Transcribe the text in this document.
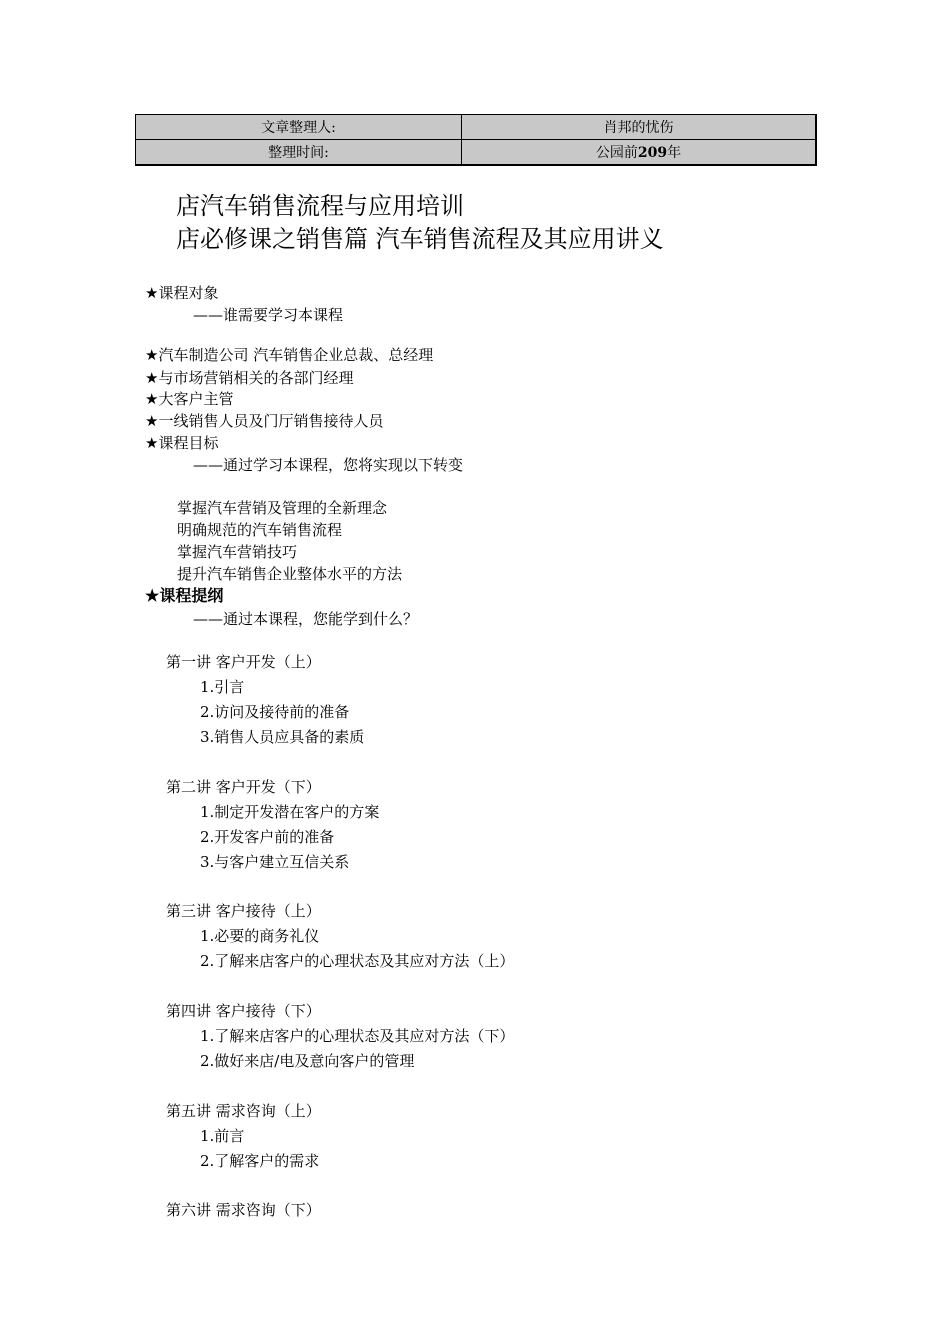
文章整理人:	肖邦的忧伤
整理时间:	公园前209年
店汽车销售流程与应用培训
店必修课之销售篇 汽车销售流程及其应用讲义
★课程对象
——谁需要学习本课程
★汽车制造公司 汽车销售企业总裁、总经理
★与市场营销相关的各部门经理
★大客户主管
★一线销售人员及门厅销售接待人员
★课程目标
——通过学习本课程，您将实现以下转变
掌握汽车营销及管理的全新理念
明确规范的汽车销售流程
掌握汽车营销技巧
提升汽车销售企业整体水平的方法
★课程提纲
——通过本课程，您能学到什么？
第一讲 客户开发（上）
1.引言
2.访问及接待前的准备
3.销售人员应具备的素质
第二讲 客户开发（下）
1.制定开发潜在客户的方案
2.开发客户前的准备
3.与客户建立互信关系
第三讲 客户接待（上）
1.必要的商务礼仪
2.了解来店客户的心理状态及其应对方法（上）
第四讲 客户接待（下）
1.了解来店客户的心理状态及其应对方法（下）
2.做好来店/电及意向客户的管理
第五讲 需求咨询（上）
1.前言
2.了解客户的需求
第六讲 需求咨询（下）
